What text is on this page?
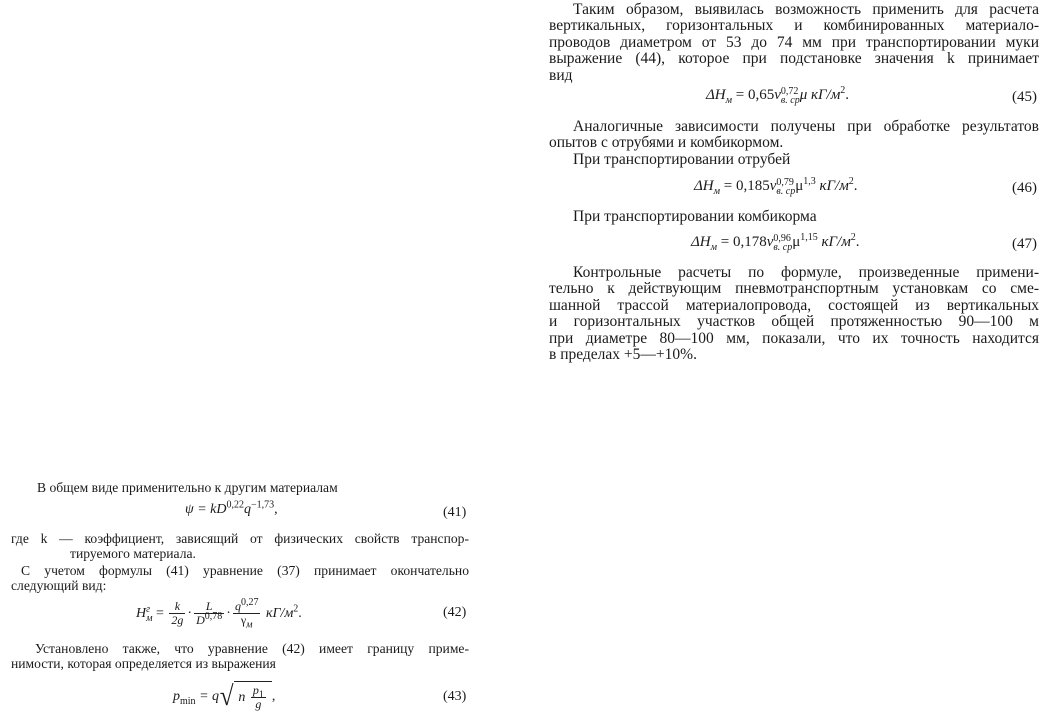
Таким образом, выявилась возможность применить для расчета
вертикальных, горизонтальных и комбинированных материало-
проводов диаметром от 53 до 74 мм при транспортировании муки
выражение (44), которое при подстановке значения k принимает
вид
$\Delta H_м = 0,65v$ 0,72
в. ср μ $кГ/м^2$.	(45)
Аналогичные зависимости получены при обработке результатов
опытов с отрубями и комбикормом.
При транспортировании отрубей
$\Delta H_м = 0,185v$ 0,79
в. ср $\mu^{1,3}$ $кГ/м^2$.	(46)
При транспортировании комбикорма
$\Delta H_м = 0,178v$ 0,96
в. ср $\mu^{1,15}$ $кГ/м^2$.	(47)
Контрольные расчеты по формуле, произведенные примени-
тельно к действующим пневмотранспортным установкам со сме-
шанной трассой материалопровода, состоящей из вертикальных
и горизонтальных участков общей протяженностью 90—100 м
при диаметре 80—100 мм, показали, что их точность находится
в пределах +5—+10%.
В общем виде применительно к другим материалам
$\psi = kD^{0,22}q^{-1,73}$,	(41)
где k — коэффициент, зависящий от физических свойств транспор-
тируемого материала.
С учетом формулы (41) уравнение (37) принимает окончательно
следующий вид:
H г
$м = \frac{k}{2g} \cdot \frac{L}{D^{0,78}} \cdot \frac{q^{0,27}}{\gamma_м} кГ/м^2$.	(42)
Установлено также, что уравнение (42) имеет границу приме-
нимости, которая определяется из выражения
$p_{min} = q√$ n $\frac{p_1}{g}$ ,	(43)
